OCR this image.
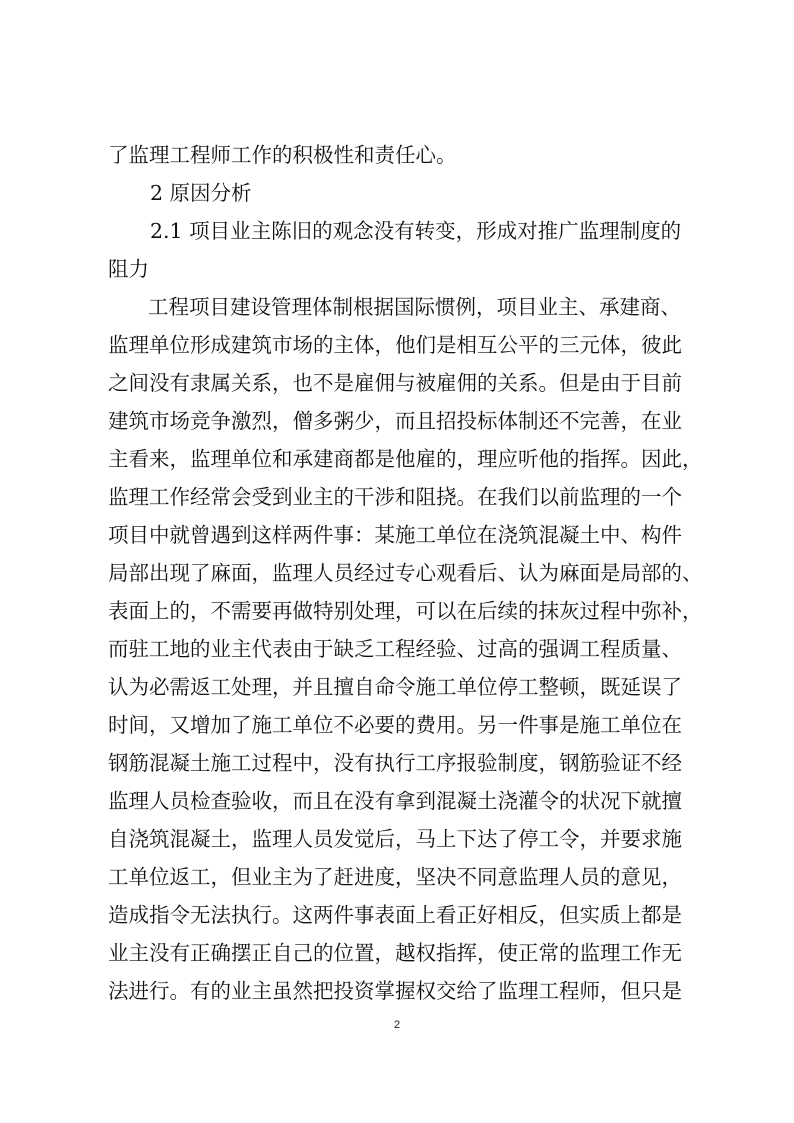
了监理工程师工作的积极性和责任心。
2 原因分析
2.1 项目业主陈旧的观念没有转变，形成对推广监理制度的
阻力
工程项目建设管理体制根据国际惯例，项目业主、承建商、
监理单位形成建筑市场的主体，他们是相互公平的三元体，彼此
之间没有隶属关系，也不是雇佣与被雇佣的关系。但是由于目前
建筑市场竞争激烈，僧多粥少，而且招投标体制还不完善，在业
主看来，监理单位和承建商都是他雇的，理应听他的指挥。因此，
监理工作经常会受到业主的干涉和阻挠。在我们以前监理的一个
项目中就曾遇到这样两件事：某施工单位在浇筑混凝土中、构件
局部出现了麻面，监理人员经过专心观看后、认为麻面是局部的、
表面上的，不需要再做特别处理，可以在后续的抹灰过程中弥补，
而驻工地的业主代表由于缺乏工程经验、过高的强调工程质量、
认为必需返工处理，并且擅自命令施工单位停工整顿，既延误了
时间，又增加了施工单位不必要的费用。另一件事是施工单位在
钢筋混凝土施工过程中，没有执行工序报验制度，钢筋验证不经
监理人员检查验收，而且在没有拿到混凝土浇灌令的状况下就擅
自浇筑混凝土，监理人员发觉后，马上下达了停工令，并要求施
工单位返工，但业主为了赶进度，坚决不同意监理人员的意见，
造成指令无法执行。这两件事表面上看正好相反，但实质上都是
业主没有正确摆正自己的位置，越权指挥，使正常的监理工作无
法进行。有的业主虽然把投资掌握权交给了监理工程师，但只是
2
